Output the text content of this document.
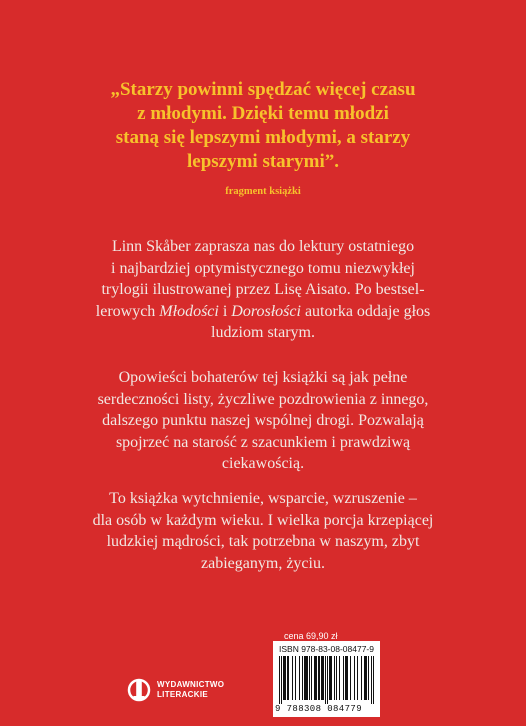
„Starzy powinni spędzać więcej czasu
z młodymi. Dzięki temu młodzi
staną się lepszymi młodymi, a starzy
lepszymi starymi”.
fragment książki
Linn Skåber zaprasza nas do lektury ostatniego
i najbardziej optymistycznego tomu niezwykłej
trylogii ilustrowanej przez Lisę Aisato. Po bestsel-
lerowych Młodości i Dorosłości autorka oddaje głos
ludziom starym.
Opowieści bohaterów tej książki są jak pełne
serdeczności listy, życzliwe pozdrowienia z innego,
dalszego punktu naszej wspólnej drogi. Pozwalają
spojrzeć na starość z szacunkiem i prawdziwą
ciekawością.
To książka wytchnienie, wsparcie, wzruszenie –
dla osób w każdym wieku. I wielka porcja krzepiącej
ludzkiej mądrości, tak potrzebna w naszym, zbyt
zabieganym, życiu.
WYDAWNICTWO
LITERACKIE
cena 69,90 zł
ISBN 978-83-08-08477-9
9 788308 084779
